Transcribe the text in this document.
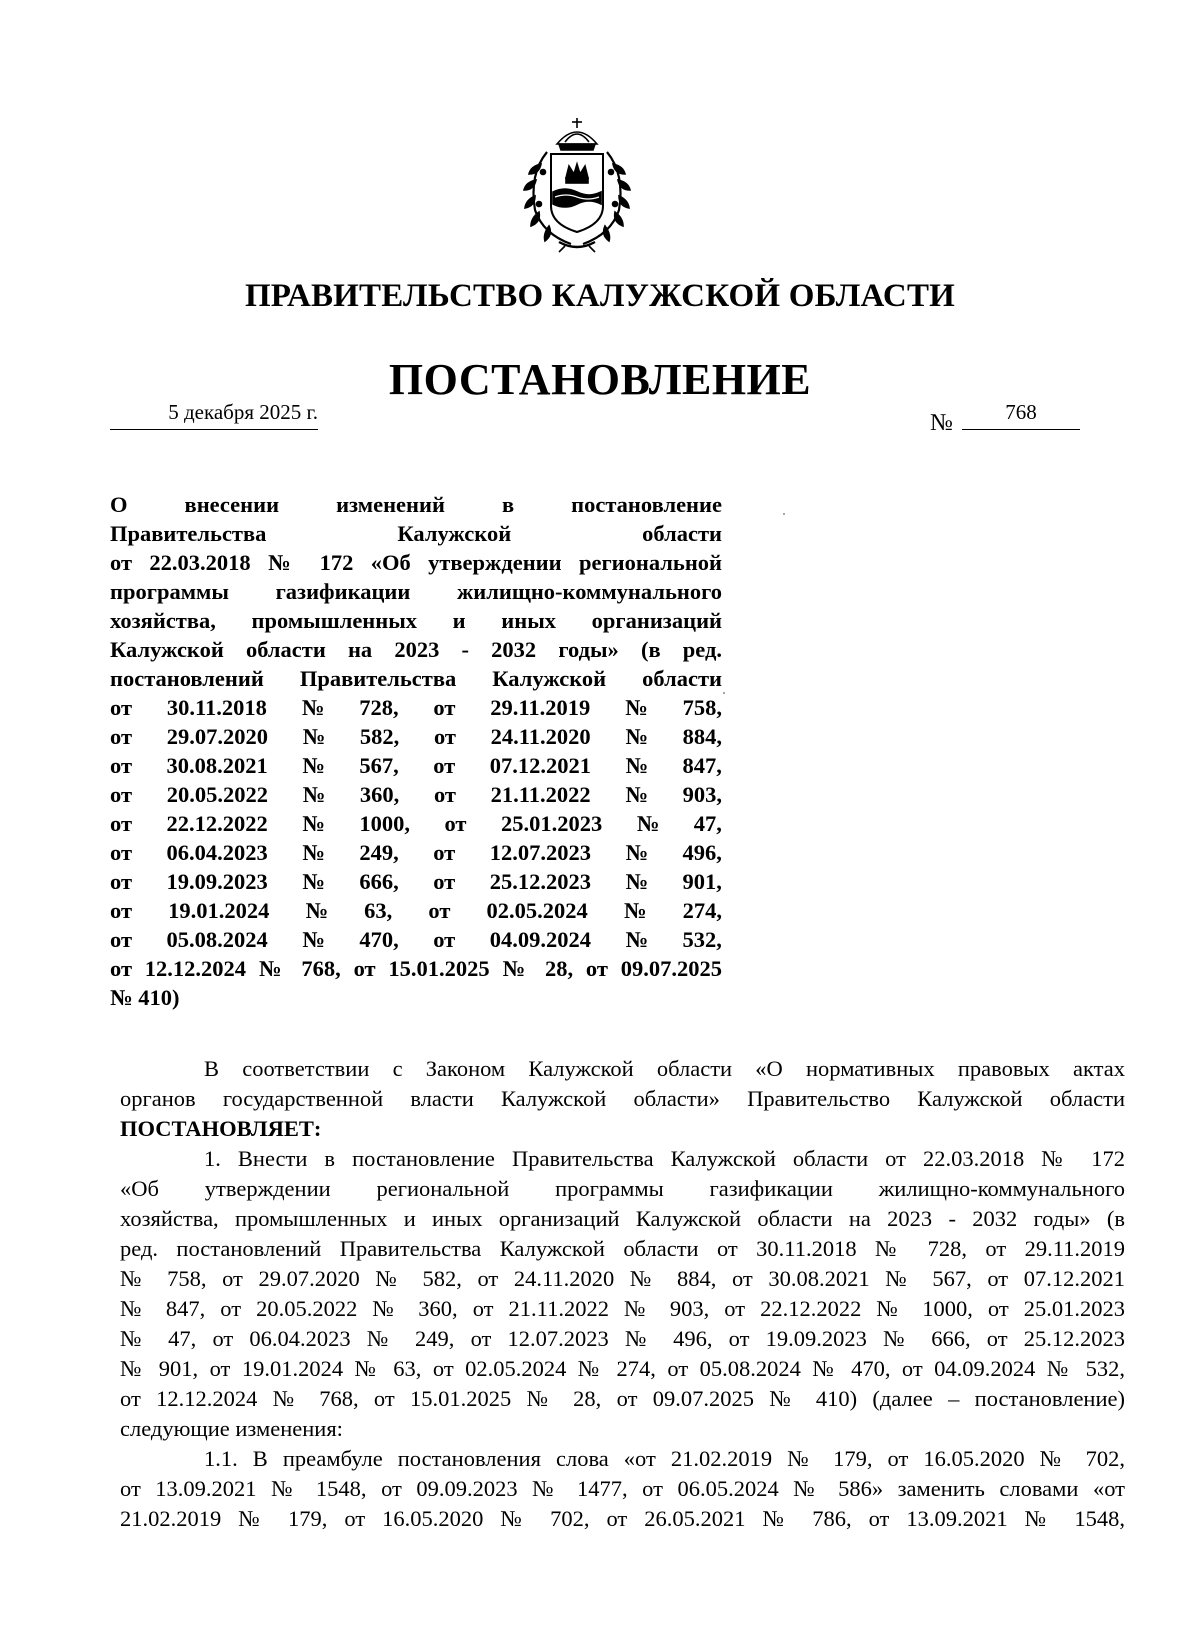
ПРАВИТЕЛЬСТВО КАЛУЖСКОЙ ОБЛАСТИ
ПОСТАНОВЛЕНИЕ
5 декабря 2025 г.	№	768
О	внесении	изменений	в	постановление
Правительства	Калужской	области
от 22.03.2018 № 172 «Об утверждении региональной
программы газификации жилищно-коммунального
хозяйства, промышленных и иных организаций
Калужской области на 2023 - 2032 годы» (в ред.
постановлений Правительства Калужской области
от 30.11.2018 № 728, от 29.11.2019 № 758,
от 29.07.2020 № 582, от 24.11.2020 № 884,
от 30.08.2021 № 567, от 07.12.2021 № 847,
от 20.05.2022 № 360, от 21.11.2022 № 903,
от 22.12.2022 № 1000, от 25.01.2023 № 47,
от 06.04.2023 № 249, от 12.07.2023 № 496,
от 19.09.2023 № 666, от 25.12.2023 № 901,
от 19.01.2024 № 63, от 02.05.2024 № 274,
от 05.08.2024 № 470, от 04.09.2024 № 532,
от 12.12.2024 № 768, от 15.01.2025 № 28, от 09.07.2025
№ 410)
В соответствии с Законом Калужской области «О нормативных правовых актах
органов государственной власти Калужской области» Правительство Калужской области
ПОСТАНОВЛЯЕТ:
1. Внести в постановление Правительства Калужской области от 22.03.2018 № 172
«Об утверждении региональной программы газификации жилищно-коммунального
хозяйства, промышленных и иных организаций Калужской области на 2023 - 2032 годы» (в
ред. постановлений Правительства Калужской области от 30.11.2018 № 728, от 29.11.2019
№ 758, от 29.07.2020 № 582, от 24.11.2020 № 884, от 30.08.2021 № 567, от 07.12.2021
№ 847, от 20.05.2022 № 360, от 21.11.2022 № 903, от 22.12.2022 № 1000, от 25.01.2023
№ 47, от 06.04.2023 № 249, от 12.07.2023 № 496, от 19.09.2023 № 666, от 25.12.2023
№ 901, от 19.01.2024 № 63, от 02.05.2024 № 274, от 05.08.2024 № 470, от 04.09.2024 № 532,
от 12.12.2024 № 768, от 15.01.2025 № 28, от 09.07.2025 № 410) (далее – постановление)
следующие изменения:
1.1. В преамбуле постановления слова «от 21.02.2019 № 179, от 16.05.2020 № 702,
от 13.09.2021 № 1548, от 09.09.2023 № 1477, от 06.05.2024 № 586» заменить словами «от
21.02.2019 № 179, от 16.05.2020 № 702, от 26.05.2021 № 786, от 13.09.2021 № 1548,
